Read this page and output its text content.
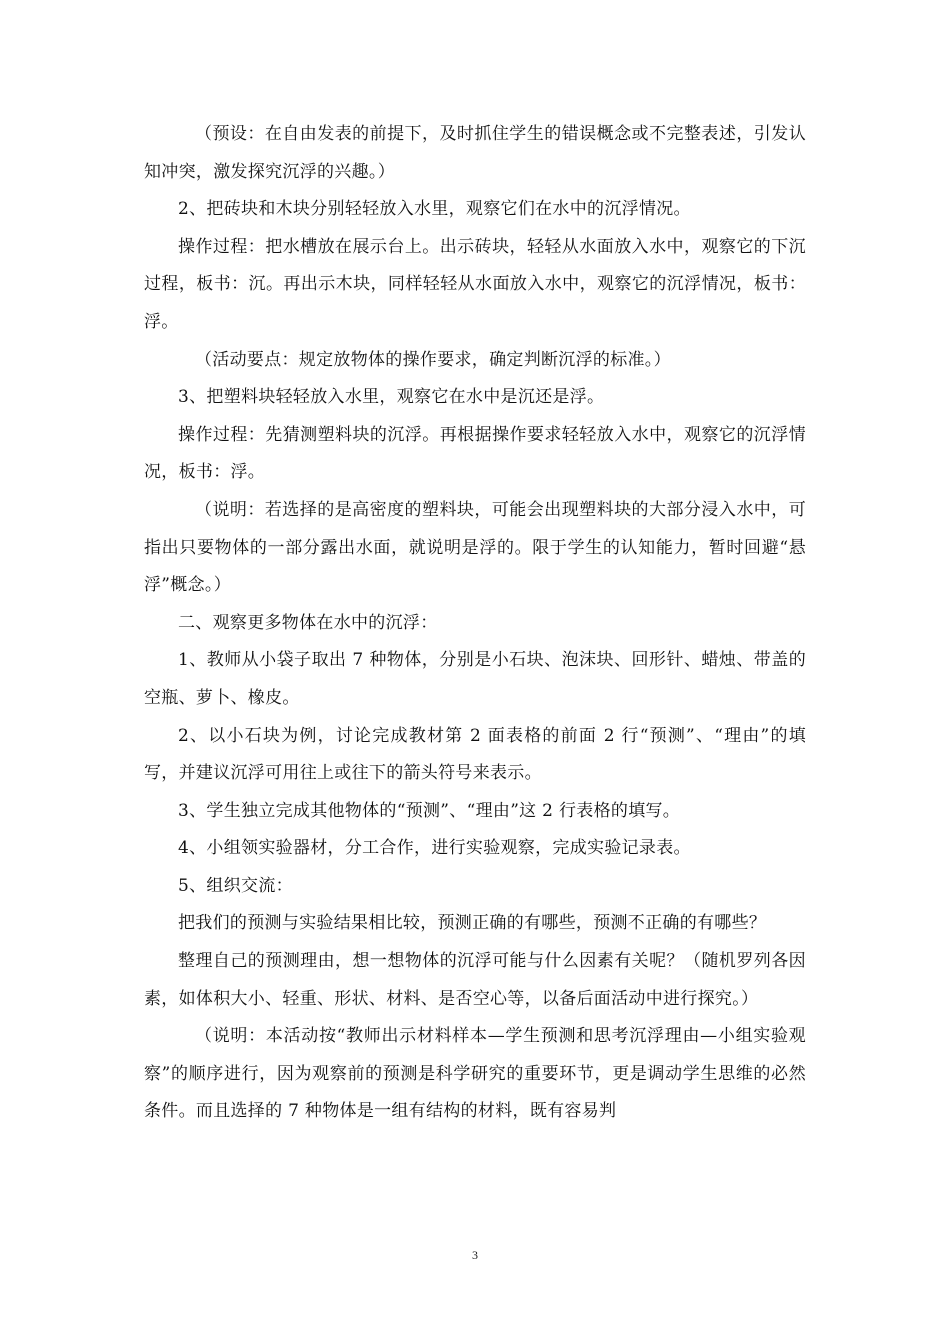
（预设：在自由发表的前提下，及时抓住学生的错误概念或不完整表述，引发认知冲突，激发探究沉浮的兴趣。）

2、把砖块和木块分别轻轻放入水里，观察它们在水中的沉浮情况。

操作过程：把水槽放在展示台上。出示砖块，轻轻从水面放入水中，观察它的下沉过程，板书：沉。再出示木块，同样轻轻从水面放入水中，观察它的沉浮情况，板书：浮。

（活动要点：规定放物体的操作要求，确定判断沉浮的标准。）

3、把塑料块轻轻放入水里，观察它在水中是沉还是浮。

操作过程：先猜测塑料块的沉浮。再根据操作要求轻轻放入水中，观察它的沉浮情况，板书：浮。

（说明：若选择的是高密度的塑料块，可能会出现塑料块的大部分浸入水中，可指出只要物体的一部分露出水面，就说明是浮的。限于学生的认知能力，暂时回避“悬浮”概念。）

二、观察更多物体在水中的沉浮：

1、教师从小袋子取出 7 种物体，分别是小石块、泡沫块、回形针、蜡烛、带盖的空瓶、萝卜、橡皮。

2、以小石块为例，讨论完成教材第 2 面表格的前面 2 行“预测”、“理由”的填写，并建议沉浮可用往上或往下的箭头符号来表示。

3、学生独立完成其他物体的“预测”、“理由”这 2 行表格的填写。

4、小组领实验器材，分工合作，进行实验观察，完成实验记录表。

5、组织交流：

把我们的预测与实验结果相比较，预测正确的有哪些，预测不正确的有哪些？

整理自己的预测理由，想一想物体的沉浮可能与什么因素有关呢？（随机罗列各因素，如体积大小、轻重、形状、材料、是否空心等，以备后面活动中进行探究。）

（说明：本活动按“教师出示材料样本—学生预测和思考沉浮理由—小组实验观察”的顺序进行，因为观察前的预测是科学研究的重要环节，更是调动学生思维的必然条件。而且选择的 7 种物体是一组有结构的材料，既有容易判

3
